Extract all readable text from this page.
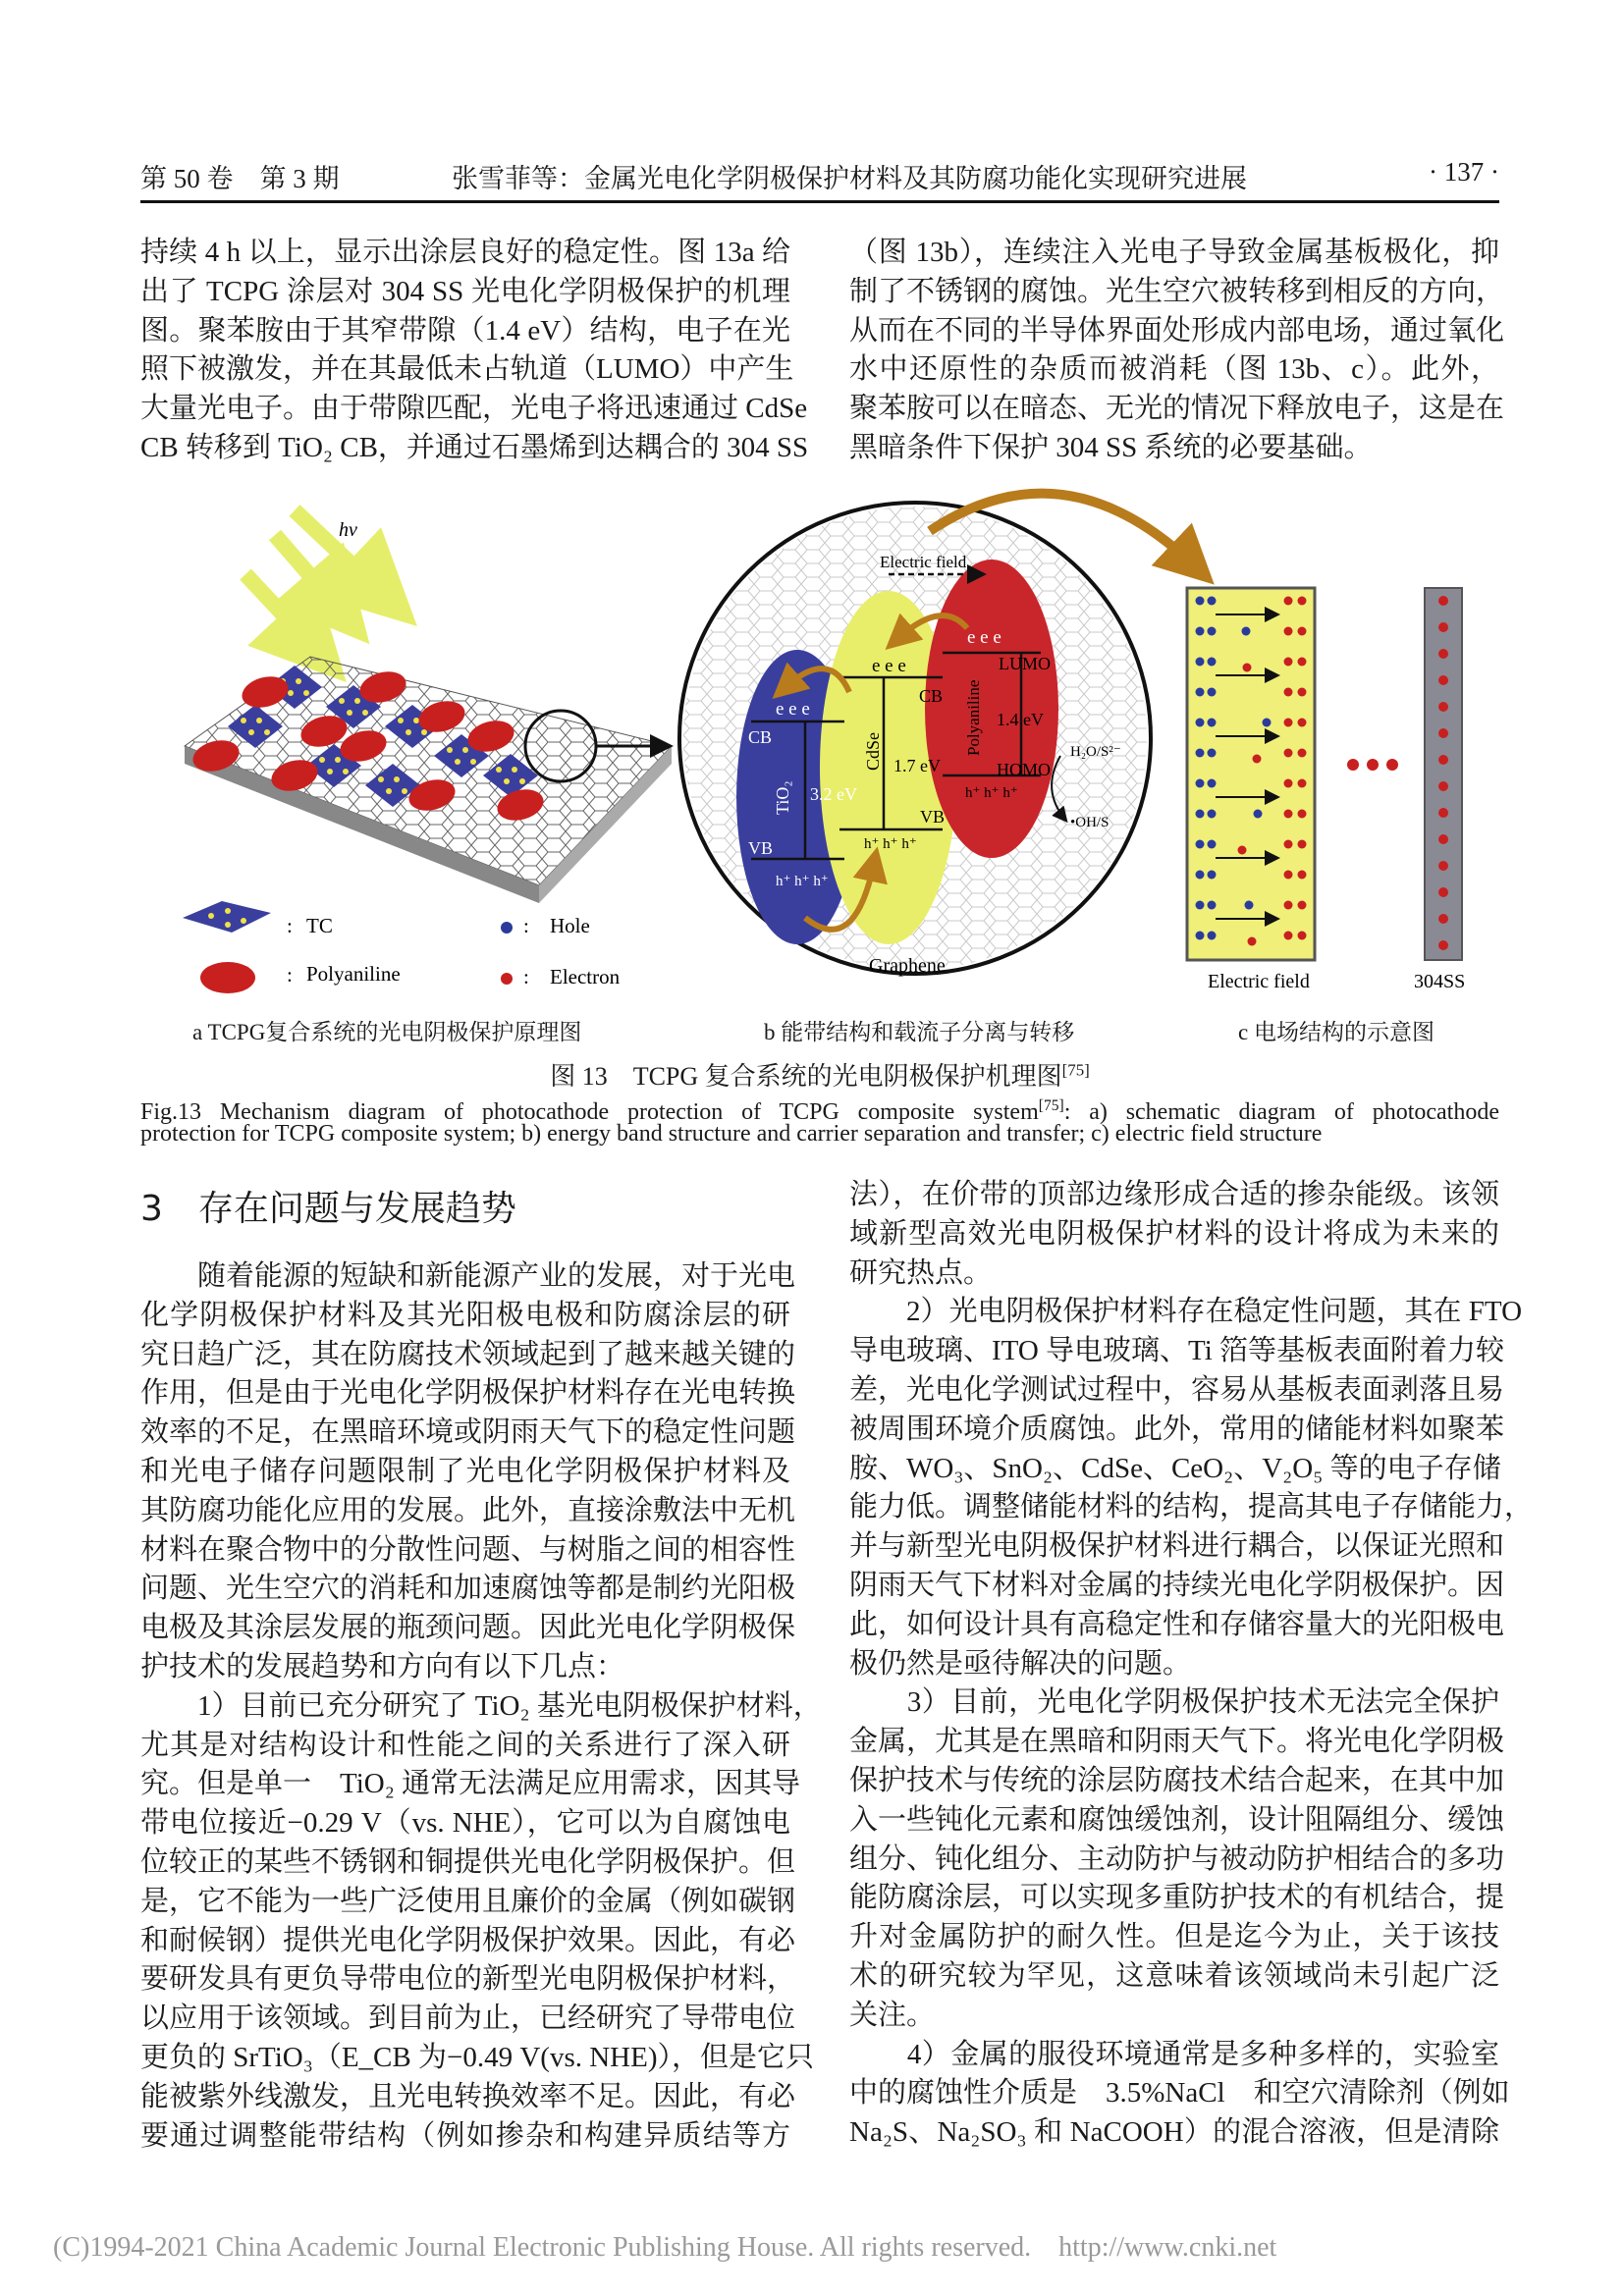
第 50 卷　第 3 期	张雪菲等：金属光电化学阴极保护材料及其防腐功能化实现研究进展	· 137 ·
持续 4 h 以上，显示出涂层良好的稳定性。图 13a 给
出了 TCPG 涂层对 304 SS 光电化学阴极保护的机理
图。聚苯胺由于其窄带隙（1.4 eV）结构，电子在光
照下被激发，并在其最低未占轨道（LUMO）中产生
大量光电子。由于带隙匹配，光电子将迅速通过 CdSe
CB 转移到 TiO₂ CB，并通过石墨烯到达耦合的 304 SS
（图 13b），连续注入光电子导致金属基板极化，抑
制了不锈钢的腐蚀。光生空穴被转移到相反的方向，
从而在不同的半导体界面处形成内部电场，通过氧化
水中还原性的杂质而被消耗（图 13b、c）。此外，
聚苯胺可以在暗态、无光的情况下释放电子，这是在
黑暗条件下保护 304 SS 系统的必要基础。
hv
: TC	: Hole
: Polyaniline	: Electron
Electric field
e e e
CB
VB
3.2 eV
TiO₂
h⁺ h⁺ h⁺
e e e
CB
VB
1.7 eV
CdSe
h⁺ h⁺ h⁺
e e e
LUMO
1.4 eV
HOMO
Polyaniline
h⁺ h⁺ h⁺
H₂O/S²⁻
•OH/S
Graphene
Electric field	304SS
a TCPG复合系统的光电阴极保护原理图	b 能带结构和载流子分离与转移	c 电场结构的示意图
图 13　TCPG 复合系统的光电阴极保护机理图[75]
Fig.13 Mechanism diagram of photocathode protection of TCPG composite system[75]: a) schematic diagram of photocathode
protection for TCPG composite system; b) energy band structure and carrier separation and transfer; c) electric field structure
3 存在问题与发展趋势
　　随着能源的短缺和新能源产业的发展，对于光电
化学阴极保护材料及其光阳极电极和防腐涂层的研
究日趋广泛，其在防腐技术领域起到了越来越关键的
作用，但是由于光电化学阴极保护材料存在光电转换
效率的不足，在黑暗环境或阴雨天气下的稳定性问题
和光电子储存问题限制了光电化学阴极保护材料及
其防腐功能化应用的发展。此外，直接涂敷法中无机
材料在聚合物中的分散性问题、与树脂之间的相容性
问题、光生空穴的消耗和加速腐蚀等都是制约光阳极
电极及其涂层发展的瓶颈问题。因此光电化学阴极保
护技术的发展趋势和方向有以下几点：
　　1）目前已充分研究了 TiO₂ 基光电阴极保护材料，
尤其是对结构设计和性能之间的关系进行了深入研
究。但是单一　TiO₂ 通常无法满足应用需求，因其导
带电位接近−0.29 V（vs. NHE），它可以为自腐蚀电
位较正的某些不锈钢和铜提供光电化学阴极保护。但
是，它不能为一些广泛使用且廉价的金属（例如碳钢
和耐候钢）提供光电化学阴极保护效果。因此，有必
要研发具有更负导带电位的新型光电阴极保护材料，
以应用于该领域。到目前为止，已经研究了导带电位
更负的 SrTiO₃（E_CB 为−0.49 V(vs. NHE)），但是它只
能被紫外线激发，且光电转换效率不足。因此，有必
要通过调整能带结构（例如掺杂和构建异质结等方
法），在价带的顶部边缘形成合适的掺杂能级。该领
域新型高效光电阴极保护材料的设计将成为未来的
研究热点。
　　2）光电阴极保护材料存在稳定性问题，其在 FTO
导电玻璃、ITO 导电玻璃、Ti 箔等基板表面附着力较
差，光电化学测试过程中，容易从基板表面剥落且易
被周围环境介质腐蚀。此外，常用的储能材料如聚苯
胺、WO₃、SnO₂、CdSe、CeO₂、V₂O₅ 等的电子存储
能力低。调整储能材料的结构，提高其电子存储能力，
并与新型光电阴极保护材料进行耦合，以保证光照和
阴雨天气下材料对金属的持续光电化学阴极保护。因
此，如何设计具有高稳定性和存储容量大的光阳极电
极仍然是亟待解决的问题。
　　3）目前，光电化学阴极保护技术无法完全保护
金属，尤其是在黑暗和阴雨天气下。将光电化学阴极
保护技术与传统的涂层防腐技术结合起来，在其中加
入一些钝化元素和腐蚀缓蚀剂，设计阻隔组分、缓蚀
组分、钝化组分、主动防护与被动防护相结合的多功
能防腐涂层，可以实现多重防护技术的有机结合，提
升对金属防护的耐久性。但是迄今为止，关于该技
术的研究较为罕见，这意味着该领域尚未引起广泛
关注。
　　4）金属的服役环境通常是多种多样的，实验室
中的腐蚀性介质是　3.5%NaCl　和空穴清除剂（例如
Na₂S、Na₂SO₃ 和 NaCOOH）的混合溶液，但是清除
(C)1994-2021 China Academic Journal Electronic Publishing House. All rights reserved. http://www.cnki.net
